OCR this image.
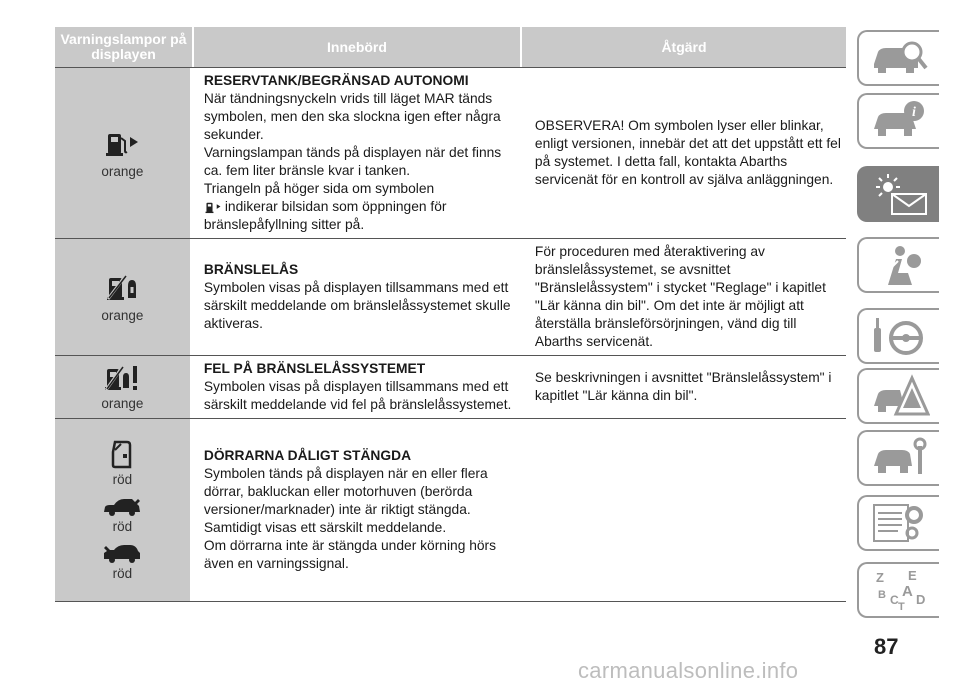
Varningslampor på displayen	Innebörd	Åtgärd
orange
RESERVTANK/BEGRÄNSAD AUTONOMI
När tändningsnyckeln vrids till läget MAR tänds symbolen, men den ska slockna igen efter några sekunder.
Varningslampan tänds på displayen när det finns ca. fem liter bränsle kvar i tanken.
Triangeln på höger sida om symbolen
indikerar bilsidan som öppningen för bränslepåfyllning sitter på.
OBSERVERA! Om symbolen lyser eller blinkar, enligt versionen, innebär det att det uppstått ett fel på systemet. I detta fall, kontakta Abarths servicenät för en kontroll av själva anläggningen.
orange
BRÄNSLELÅS
Symbolen visas på displayen tillsammans med ett särskilt meddelande om bränslelåssystemet skulle aktiveras.
För proceduren med återaktivering av bränslelåssystemet, se avsnittet "Bränslelåssystem" i stycket "Reglage" i kapitlet "Lär känna din bil". Om det inte är möjligt att återställa bränsleförsörjningen, vänd dig till Abarths servicenät.
orange
FEL PÅ BRÄNSLELÅSSYSTEMET
Symbolen visas på displayen tillsammans med ett särskilt meddelande vid fel på bränslelåssystemet.
Se beskrivningen i avsnittet "Bränslelåssystem" i kapitlet "Lär känna din bil".
röd
röd
röd
DÖRRARNA DÅLIGT STÄNGDA
Symbolen tänds på displayen när en eller flera dörrar, bakluckan eller motorhuven (berörda versioner/marknader) inte är riktigt stängda.
Samtidigt visas ett särskilt meddelande.
Om dörrarna inte är stängda under körning hörs även en varningssignal.
i
Z E
B A
C D
T
87
carmanualsonline.info
